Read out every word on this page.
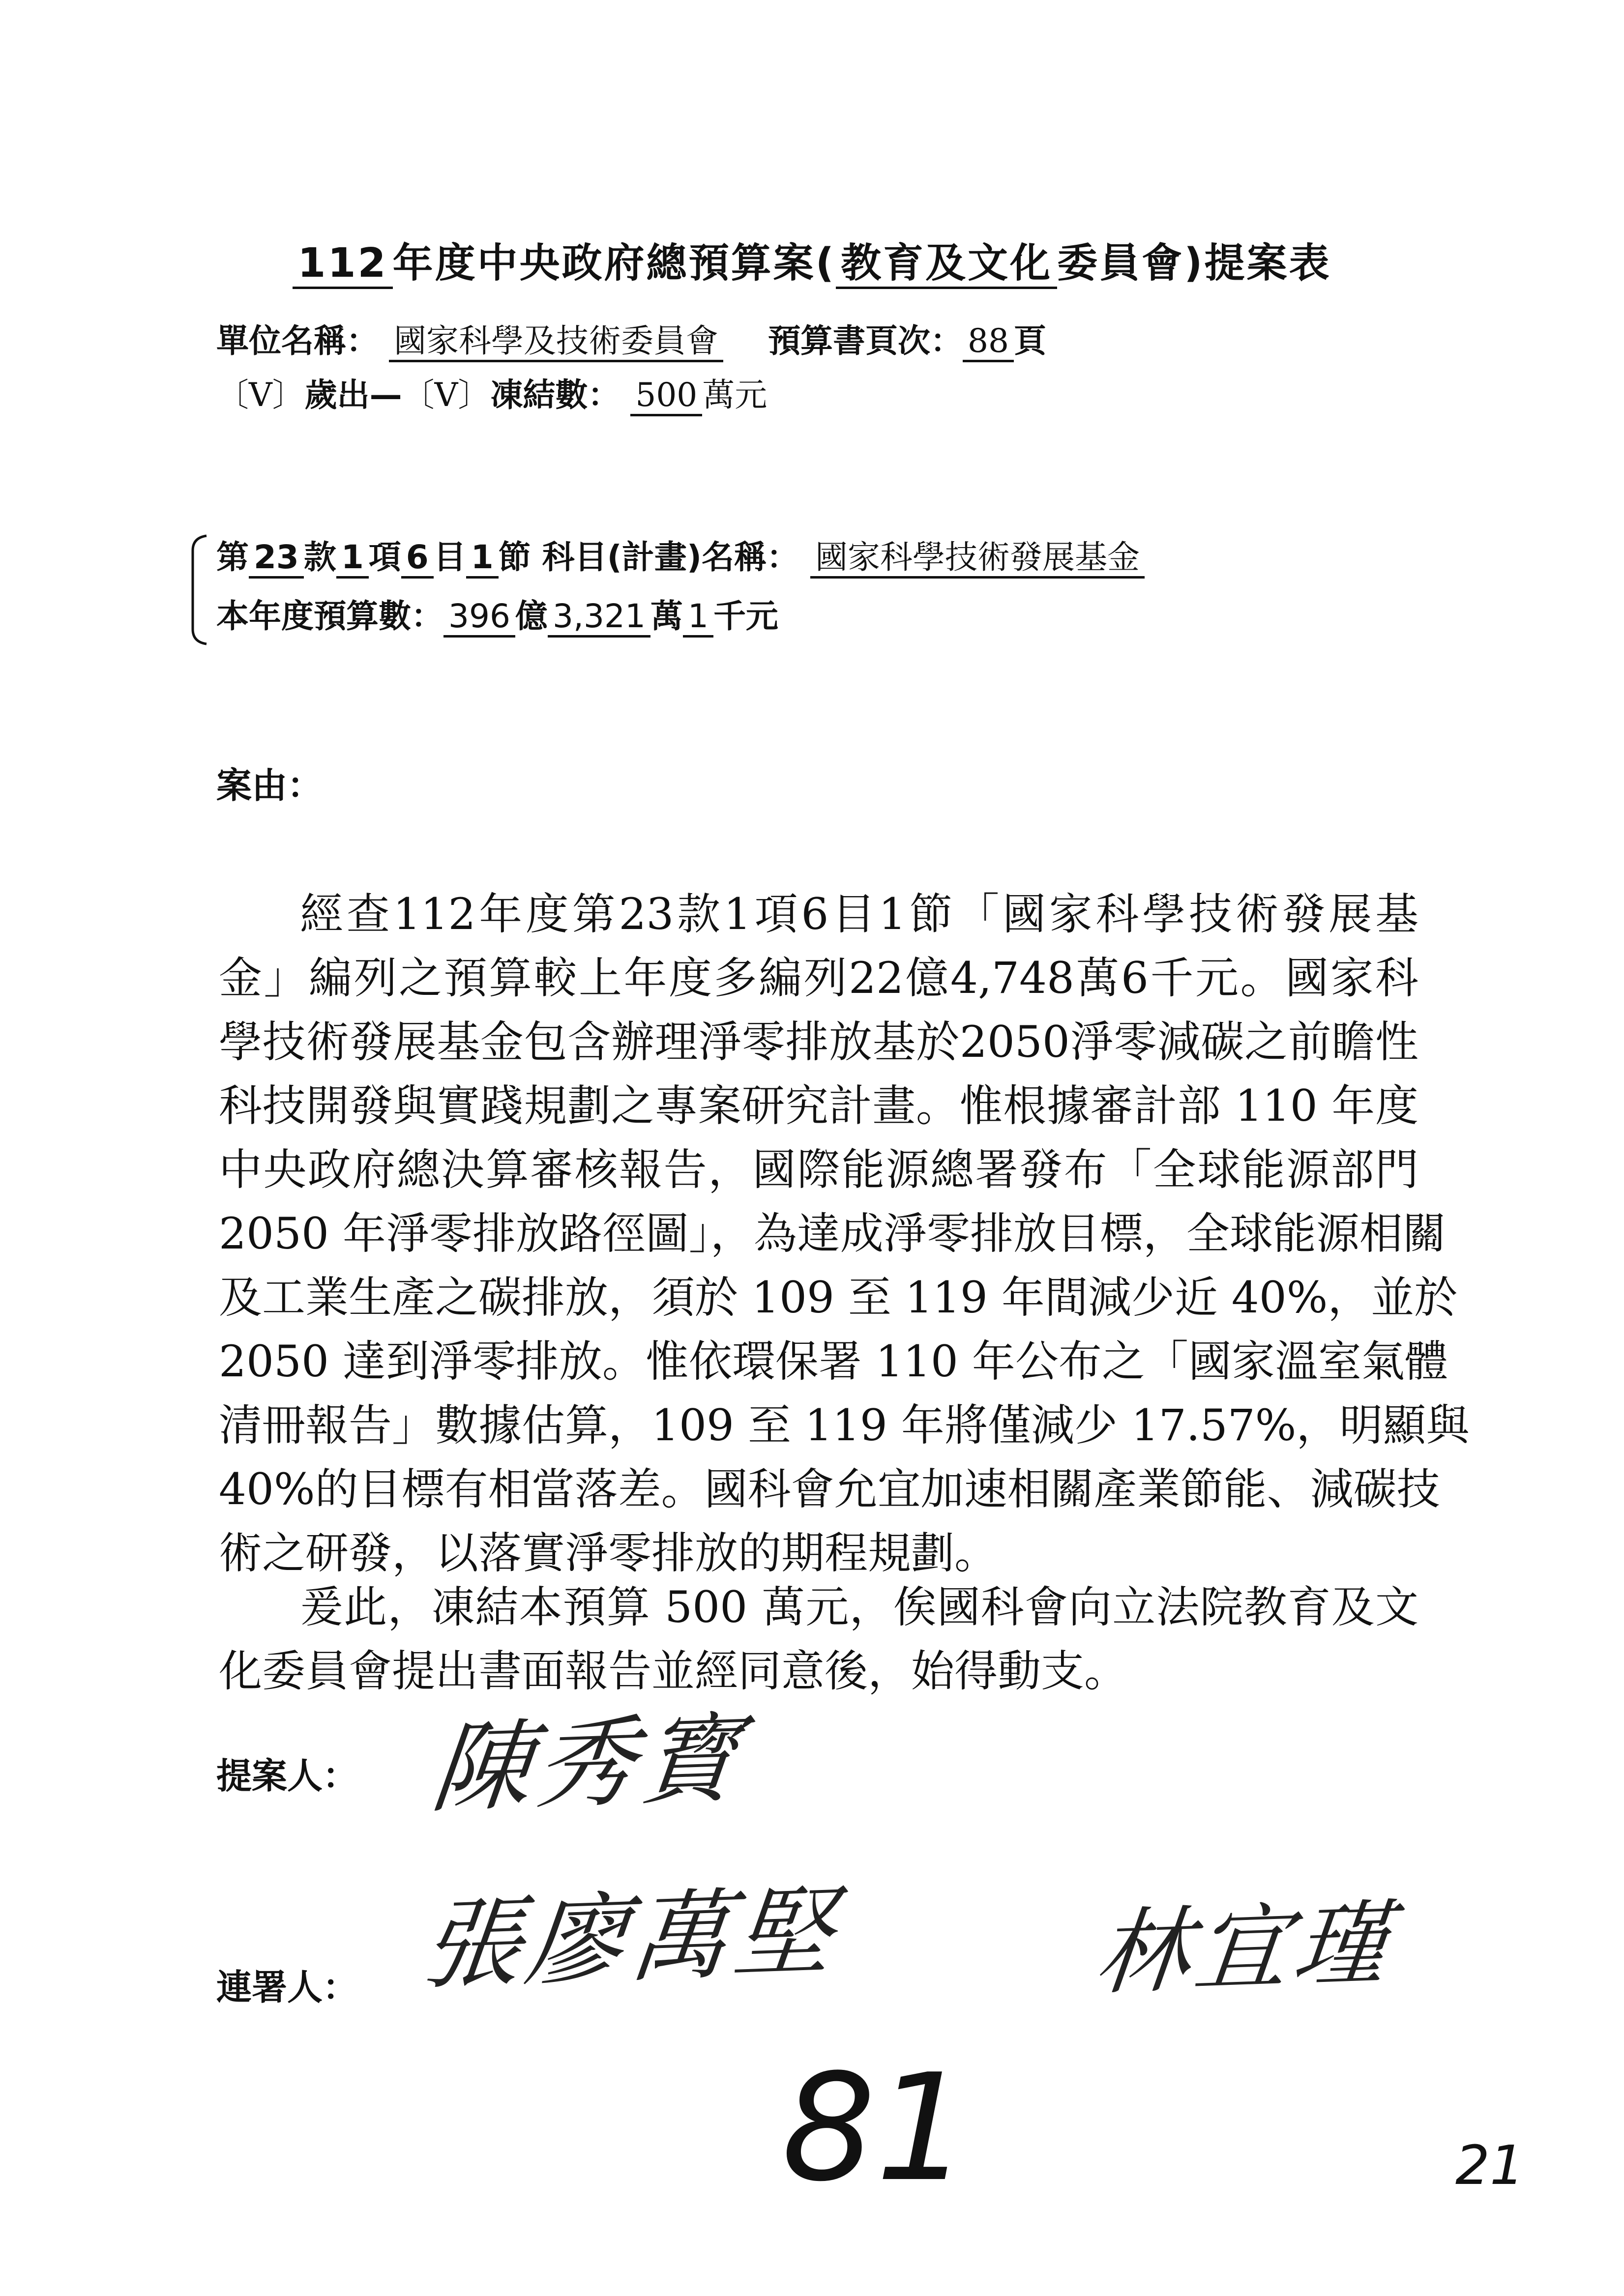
112 年度中央政府總預算案( 教育及文化 委員會)提案表
單位名稱： 國家科學及技術委員會 預算書頁次： 88 頁
〔V〕歲出—〔V〕凍結數： 500 萬元
第 23 款 1 項 6 目 1 節 科目(計畫)名稱： 國家科學技術發展基金
本年度預算數： 396 億 3,321 萬 1 千元
案由：
經查112年度第23款1項6目1節「國家科學技術發展基
金」編列之預算較上年度多編列22億4,748萬6千元。國家科
學技術發展基金包含辦理淨零排放基於2050淨零減碳之前瞻性
科技開發與實踐規劃之專案研究計畫。惟根據審計部 110 年度
中央政府總決算審核報告，國際能源總署發布「全球能源部門
2050 年淨零排放路徑圖」，為達成淨零排放目標，全球能源相關
及工業生產之碳排放，須於 109 至 119 年間減少近 40%，並於
2050 達到淨零排放。惟依環保署 110 年公布之「國家溫室氣體
清冊報告」數據估算，109 至 119 年將僅減少 17.57%，明顯與
40%的目標有相當落差。國科會允宜加速相關產業節能、減碳技
術之研發，以落實淨零排放的期程規劃。
爰此，凍結本預算 500 萬元，俟國科會向立法院教育及文
化委員會提出書面報告並經同意後，始得動支。
提案人： 陳秀寳
連署人： 張廖萬堅	林宜瑾
81	21
